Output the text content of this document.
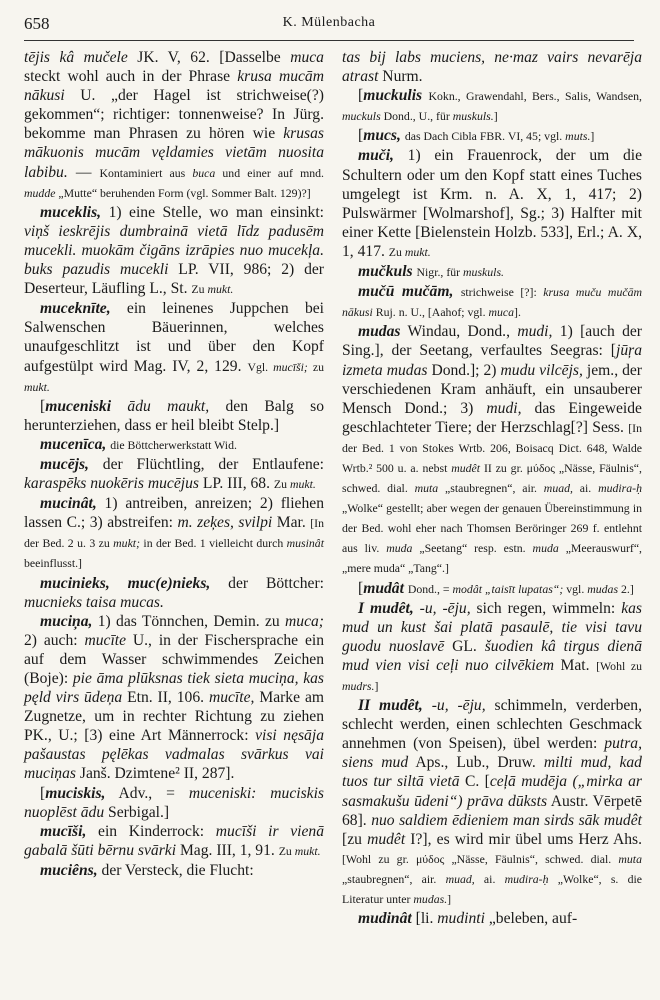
658	K. Mülenbacha

tējis kâ mučele JK. V, 62. [Dasselbe muca steckt wohl auch in der Phrase krusa mucām nākusi U. „der Hagel ist strichweise(?) gekommen“; richtiger: tonnenweise? In Jürg. bekomme man Phrasen zu hören wie krusas mākuonis mucām vęldamies vietām nuosita labibu. — Kontaminiert aus buca und einer auf mnd. mudde „Mutte“ beruhenden Form (vgl. Sommer Balt. 129)?]

muceklis, 1) eine Stelle, wo man einsinkt: viņš ieskrējis dumbrainā vietā līdz padusēm mucekli. muokām čigāns izrāpies nuo mucekļa. buks pazudis mucekli LP. VII, 986; 2) der Deserteur, Läufling L., St. Zu mukt.

muceknīte, ein leinenes Juppchen bei Salwenschen Bäuerinnen, welches unaufgeschlitzt ist und über den Kopf aufgestülpt wird Mag. IV, 2, 129. Vgl. mucīši; zu mukt.

[muceniski ādu maukt, den Balg so herunterziehen, dass er heil bleibt Stelp.]

mucenīca, die Böttcherwerkstatt Wid.

mucējs, der Flüchtling, der Entlaufene: karaspēks nuokēris mucējus LP. III, 68. Zu mukt.

mucinât, 1) antreiben, anreizen; 2) fliehen lassen C.; 3) abstreifen: m. zeķes, svilpi Mar. [In der Bed. 2 u. 3 zu mukt; in der Bed. 1 vielleicht durch musinât beeinflusst.]

mucinieks, muc(e)nieks, der Böttcher: mucnieks taisa mucas.

muciņa, 1) das Tönnchen, Demin. zu muca; 2) auch: mucīte U., in der Fischersprache ein auf dem Wasser schwimmendes Zeichen (Boje): pie āma plūksnas tiek sieta muciņa, kas pęld virs ūdeņa Etn. II, 106. mucīte, Marke am Zugnetze, um in rechter Richtung zu ziehen PK., U.; [3) eine Art Männerrock: visi nęsāja pašaustas pęlēkas vadmalas svārkus vai muciņas Janš. Dzimtene² II, 287].

[muciskis, Adv., = muceniski: muciskis nuoplēst ādu Serbigal.]

mucīši, ein Kinderrock: mucīši ir vienā gabalā šūti bērnu svārki Mag. III, 1, 91. Zu mukt.

muciêns, der Versteck, die Flucht:

tas bij labs muciens, ne·maz vairs nevarēja atrast Nurm.

[muckulis Kokn., Grawendahl, Bers., Salis, Wandsen, muckuls Dond., U., für muskuls.]

[mucs, das Dach Cibla FBR. VI, 45; vgl. muts.]

muči, 1) ein Frauenrock, der um die Schultern oder um den Kopf statt eines Tuches umgelegt ist Krm. n. A. X, 1, 417; 2) Pulswärmer [Wolmarshof], Sg.; 3) Halfter mit einer Kette [Bielenstein Holzb. 533], Erl.; A. X, 1, 417. Zu mukt.

mučkuls Nigr., für muskuls.

mučū mučām, strichweise [?]: krusa muču mučām nākusi Ruj. n. U., [Aahof; vgl. muca].

mudas Windau, Dond., mudi, 1) [auch der Sing.], der Seetang, verfaultes Seegras: [jūŗa izmeta mudas Dond.]; 2) mudu vilcējs, jem., der verschiedenen Kram anhäuft, ein unsauberer Mensch Dond.; 3) mudi, das Eingeweide geschlachteter Tiere; der Herzschlag[?] Sess. [In der Bed. 1 von Stokes Wrtb. 206, Boisacq Dict. 648, Walde Wrtb.² 500 u. a. nebst mudêt II zu gr. μύδος „Nässe, Fäulnis“, schwed. dial. muta „staubregnen“, air. muad, ai. mudira-ḥ „Wolke“ gestellt; aber wegen der genauen Übereinstimmung in der Bed. wohl eher nach Thomsen Beröringer 269 f. entlehnt aus liv. muda „Seetang“ resp. estn. muda „Meerauswurf“, „mere muda“ „Tang“.]

[mudât Dond., = modât „taisīt lupatas“; vgl. mudas 2.]

I mudêt, -u, -ēju, sich regen, wimmeln: kas mud un kust šai platā pasaulē, tie visi tavu guodu nuoslavē GL. šuodien kâ tirgus dienā mud vien visi ceļi nuo cilvēkiem Mat. [Wohl zu mudrs.]

II mudêt, -u, -ēju, schimmeln, verderben, schlecht werden, einen schlechten Geschmack annehmen (von Speisen), übel werden: putra, siens mud Aps., Lub., Druw. milti mud, kad tuos tur siltā vietā C. [ceļā mudēja („mirka ar sasmakušu ūdeni“) prāva dūksts Austr. Vērpetē 68]. nuo saldiem ēdieniem man sirds sāk mudêt [zu mudêt I?], es wird mir übel ums Herz Ahs. [Wohl zu gr. μύδος „Nässe, Fäulnis“, schwed. dial. muta „staubregnen“, air. muad, ai. mudira-ḥ „Wolke“, s. die Literatur unter mudas.]

mudinât [li. mudinti „beleben, auf-
